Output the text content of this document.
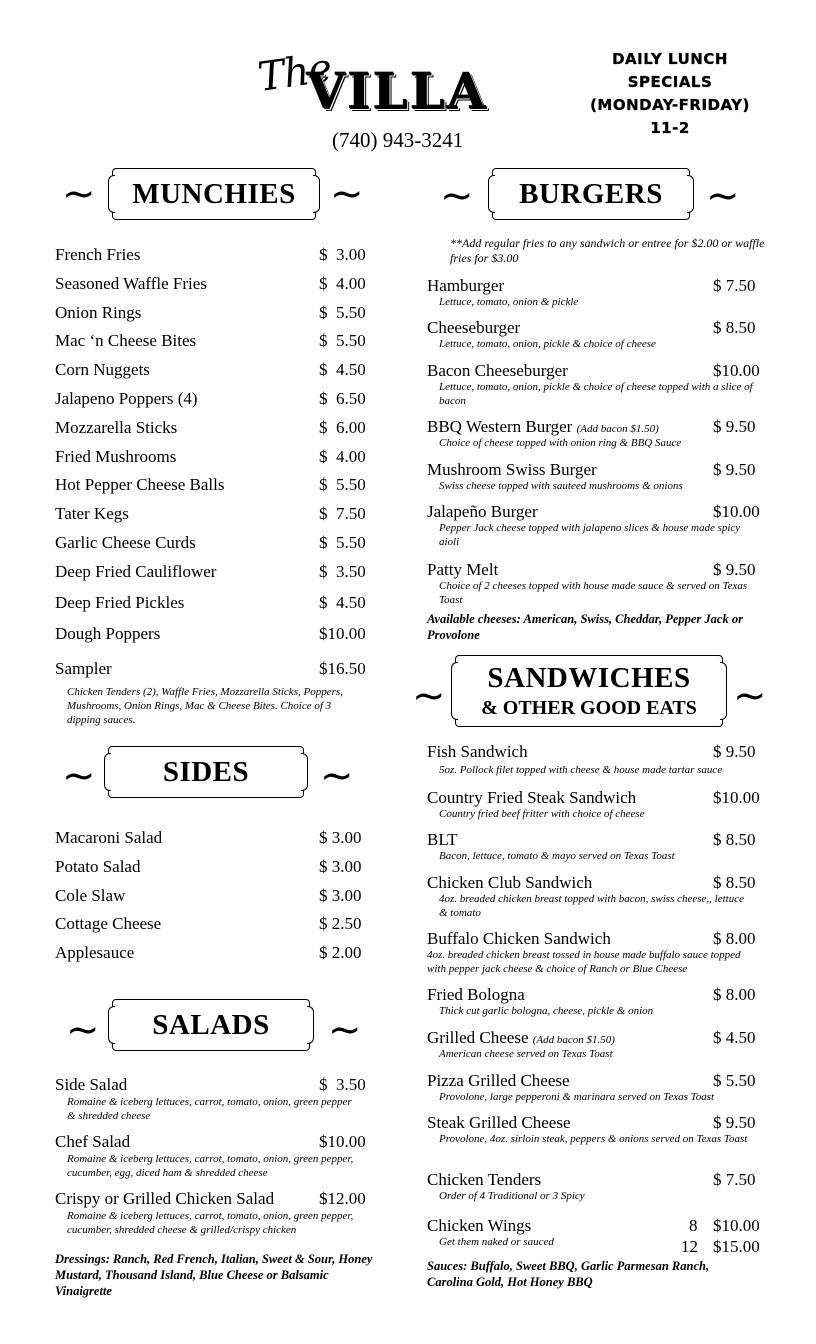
The
VILLA
(740) 943-3241
DAILY LUNCH
SPECIALS
(MONDAY-FRIDAY)
11-2
~ MUNCHIES ~ ~ BURGERS ~
French Fries	$  3.00
Seasoned Waffle Fries	$  4.00
Onion Rings	$  5.50
Mac ‘n Cheese Bites	$  5.50
Corn Nuggets	$  4.50
Jalapeno Poppers (4)	$  6.50
Mozzarella Sticks	$  6.00
Fried Mushrooms	$  4.00
Hot Pepper Cheese Balls	$  5.50
Tater Kegs	$  7.50
Garlic Cheese Curds	$  5.50
Deep Fried Cauliflower	$  3.50
Deep Fried Pickles	$  4.50
Dough Poppers	$10.00
Sampler	$16.50
Chicken Tenders (2), Waffle Fries, Mozzarella Sticks, Poppers, Mushrooms, Onion Rings, Mac & Cheese Bites. Choice of 3 dipping sauces.
~ SIDES ~
Macaroni Salad	$ 3.00
Potato Salad	$ 3.00
Cole Slaw	$ 3.00
Cottage Cheese	$ 2.50
Applesauce	$ 2.00
~ SALADS ~
Side Salad	$  3.50
Romaine & iceberg lettuces, carrot, tomato, onion, green pepper & shredded cheese
Chef Salad	$10.00
Romaine & iceberg lettuces, carrot, tomato, onion, green pepper, cucumber, egg, diced ham & shredded cheese
Crispy or Grilled Chicken Salad	$12.00
Romaine & iceberg lettuces, carrot, tomato, onion, green pepper, cucumber, shredded cheese & grilled/crispy chicken
Dressings: Ranch, Red French, Italian, Sweet & Sour, Honey Mustard, Thousand Island, Blue Cheese or Balsamic Vinaigrette
**Add regular fries to any sandwich or entree for $2.00 or waffle fries for $3.00
Hamburger	$ 7.50
Lettuce, tomato, onion & pickle
Cheeseburger	$ 8.50
Lettuce, tomato, onion, pickle & choice of cheese
Bacon Cheeseburger	$10.00
Lettuce, tomato, onion, pickle & choice of cheese topped with a slice of bacon
BBQ Western Burger (Add bacon $1.50)	$ 9.50
Choice of cheese topped with onion ring & BBQ Sauce
Mushroom Swiss Burger	$ 9.50
Swiss cheese topped with sauteed mushrooms & onions
Jalapeño Burger	$10.00
Pepper Jack cheese topped with jalapeno slices & house made spicy aioli
Patty Melt	$ 9.50
Choice of 2 cheeses topped with house made sauce & served on Texas Toast
Available cheeses: American, Swiss, Cheddar, Pepper Jack or Provolone
~ SANDWICHES
& OTHER GOOD EATS ~
Fish Sandwich	$ 9.50
5oz. Pollock filet topped with cheese & house made tartar sauce
Country Fried Steak Sandwich	$10.00
Country fried beef fritter with choice of cheese
BLT	$ 8.50
Bacon, lettuce, tomato & mayo served on Texas Toast
Chicken Club Sandwich	$ 8.50
4oz. breaded chicken breast topped with bacon, swiss cheese,, lettuce & tomato
Buffalo Chicken Sandwich	$ 8.00
4oz. breaded chicken breast tossed in house made buffalo sauce topped with pepper jack cheese & choice of Ranch or Blue Cheese
Fried Bologna	$ 8.00
Thick cut garlic bologna, cheese, pickle & onion
Grilled Cheese (Add bacon $1.50)	$ 4.50
American cheese served on Texas Toast
Pizza Grilled Cheese	$ 5.50
Provolone, large pepperoni & marinara served on Texas Toast
Steak Grilled Cheese	$ 9.50
Provolone, 4oz. sirloin steak, peppers & onions served on Texas Toast
Chicken Tenders	$ 7.50
Order of 4 Traditional or 3 Spicy
Chicken Wings	8 $10.00
12 $15.00
Get them naked or sauced
Sauces: Buffalo, Sweet BBQ, Garlic Parmesan Ranch, Carolina Gold, Hot Honey BBQ
